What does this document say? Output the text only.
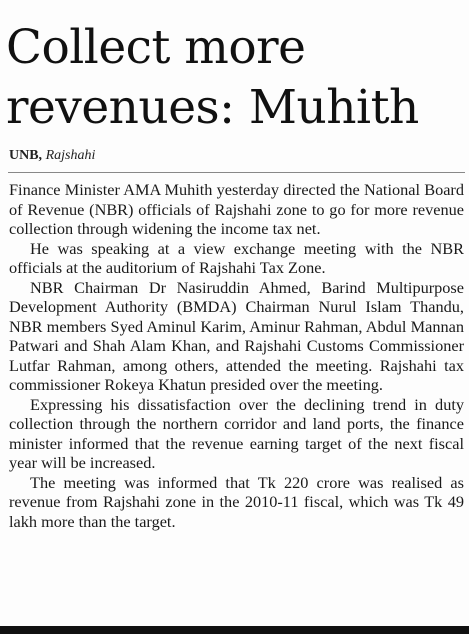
Collect more revenues: Muhith
UNB, Rajshahi

Finance Minister AMA Muhith yesterday directed the National Board of Revenue (NBR) officials of Rajshahi zone to go for more revenue collection through widening the income tax net.

He was speaking at a view exchange meeting with the NBR officials at the auditorium of Rajshahi Tax Zone.

NBR Chairman Dr Nasiruddin Ahmed, Barind Multipurpose Development Authority (BMDA) Chairman Nurul Islam Thandu, NBR members Syed Aminul Karim, Aminur Rahman, Abdul Mannan Patwari and Shah Alam Khan, and Rajshahi Customs Commissioner Lutfar Rahman, among others, attended the meeting. Rajshahi tax commissioner Rokeya Khatun presided over the meeting.

Expressing his dissatisfaction over the declining trend in duty collection through the northern corridor and land ports, the finance minister informed that the revenue earning target of the next fiscal year will be increased.

The meeting was informed that Tk 220 crore was realised as revenue from Rajshahi zone in the 2010-11 fiscal, which was Tk 49 lakh more than the target.
